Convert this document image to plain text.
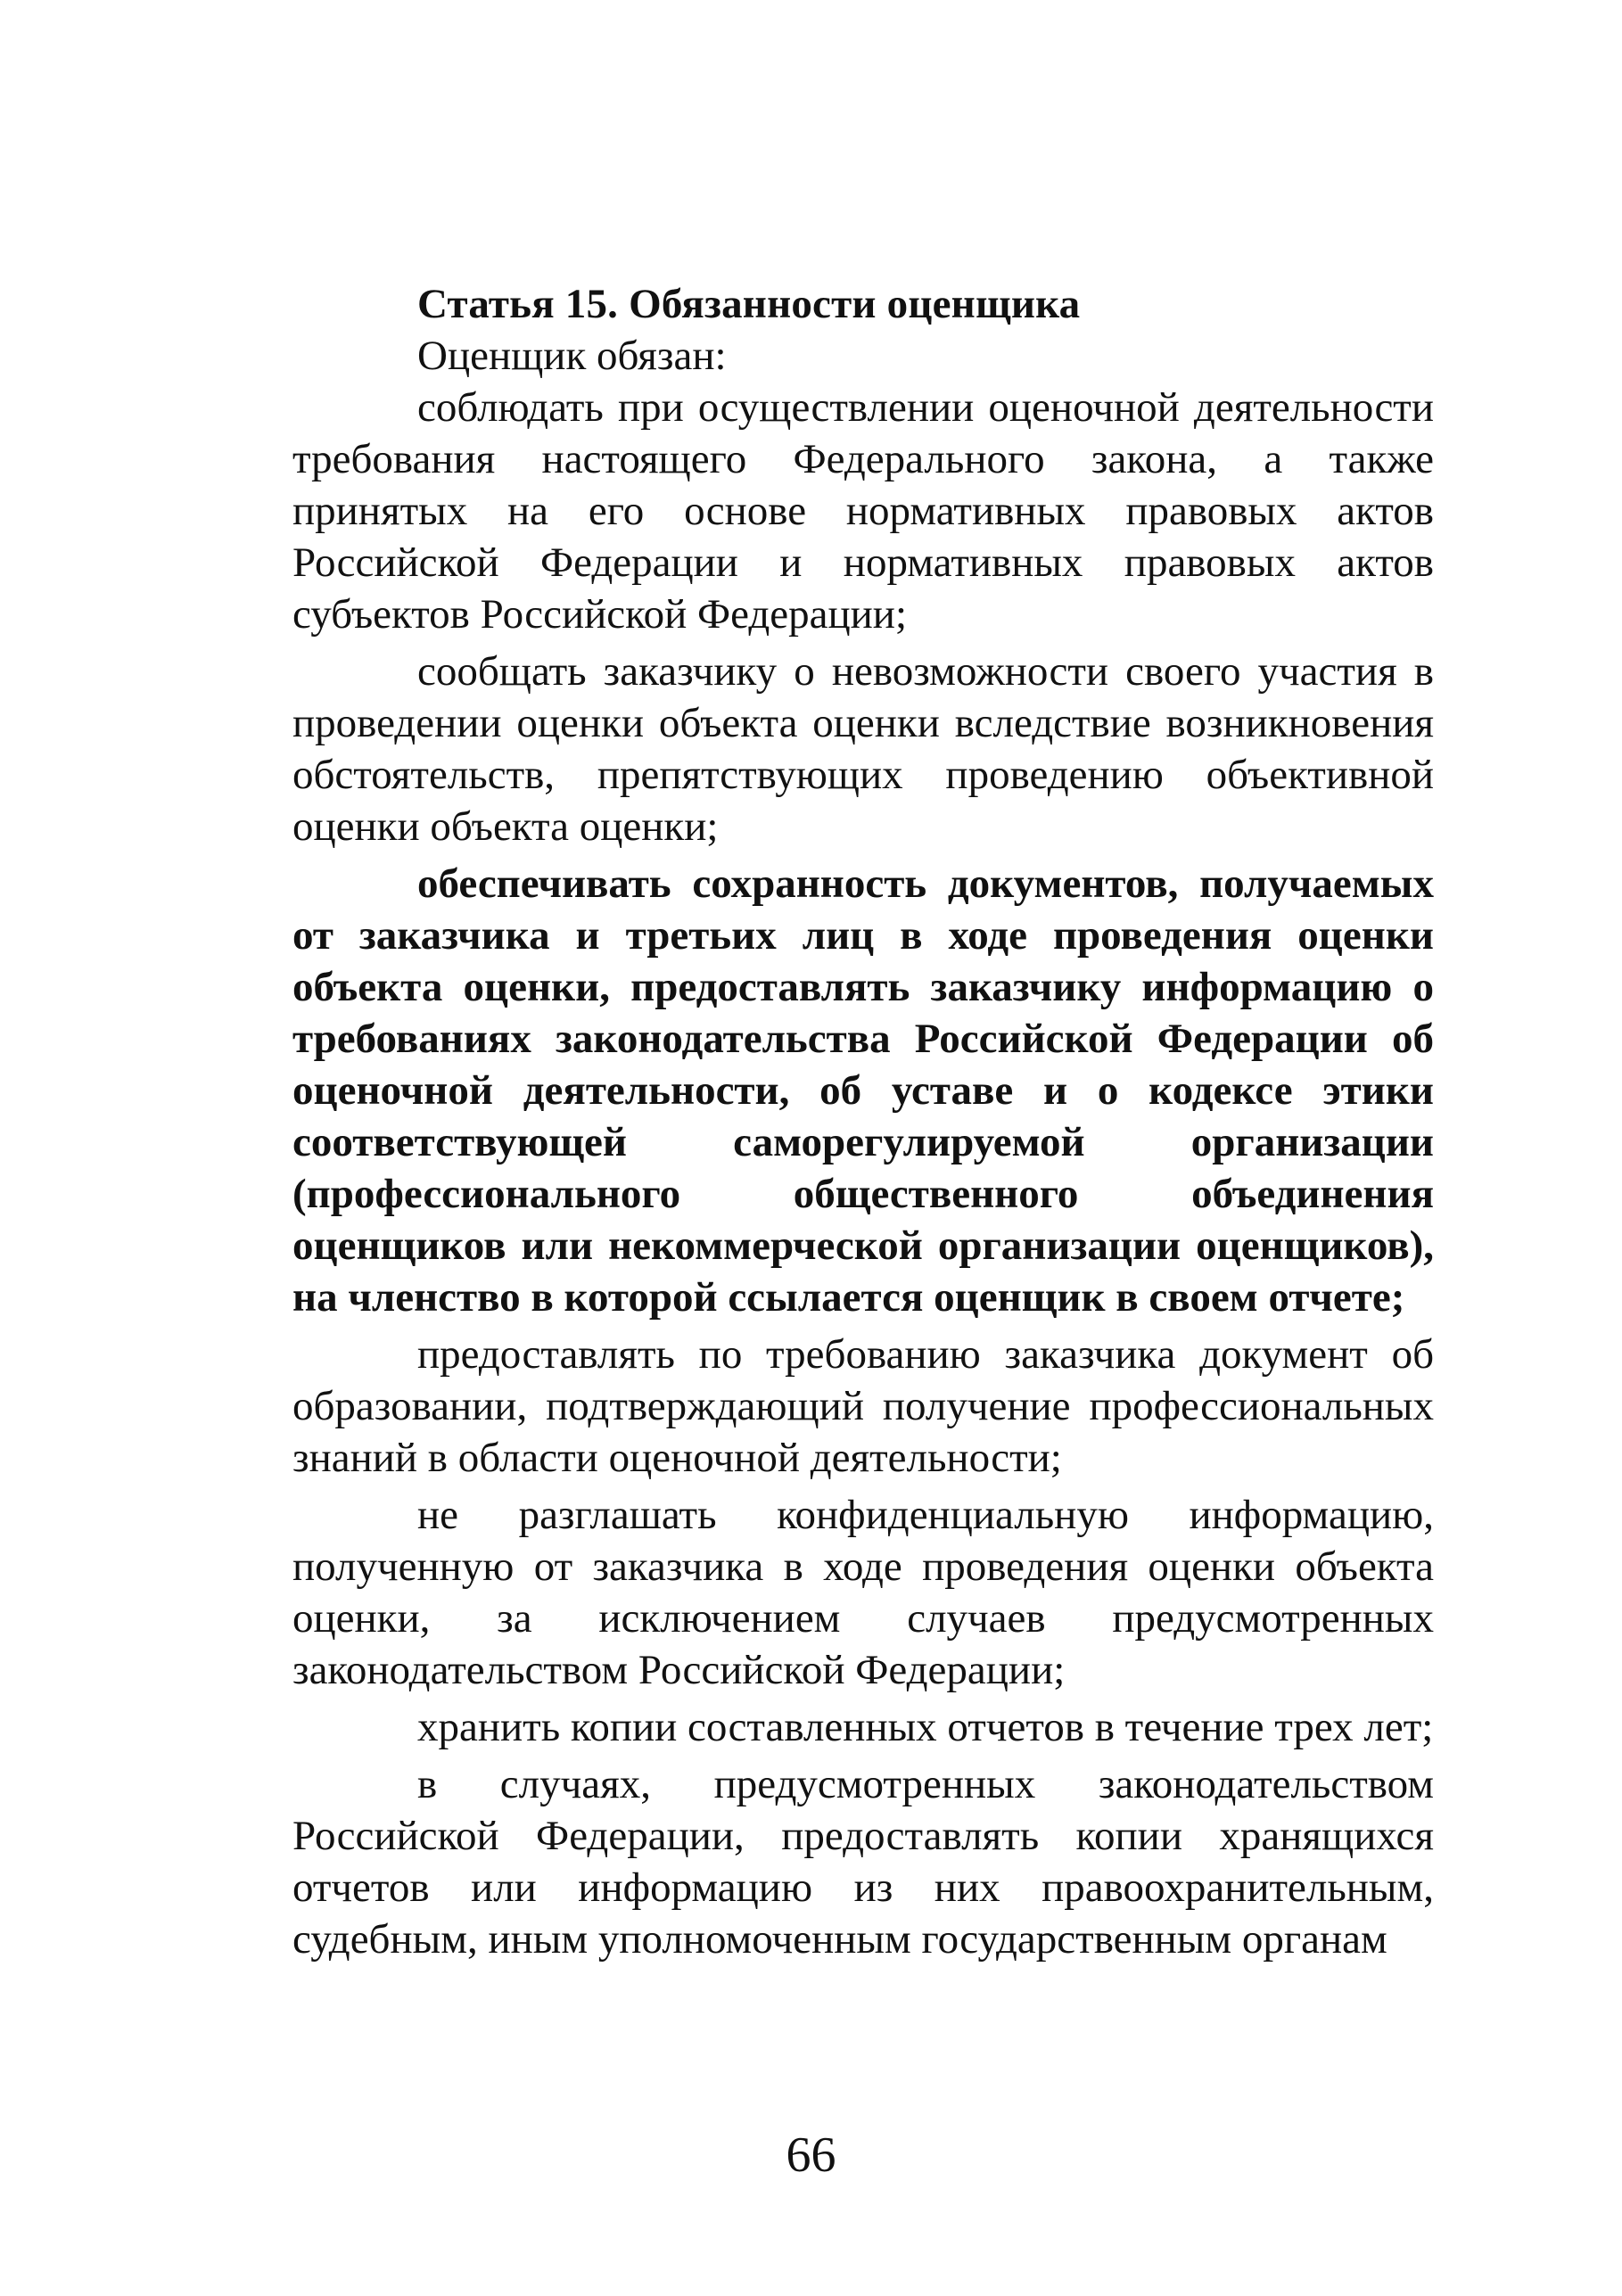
Статья 15. Обязанности оценщика

Оценщик обязан:

соблюдать при осуществлении оценочной деятельности требования настоящего Федерального закона, а также принятых на его основе нормативных правовых актов Российской Федерации и нормативных правовых актов субъектов Российской Федерации;

сообщать заказчику о невозможности своего участия в проведении оценки объекта оценки вследствие возникновения обстоятельств, препятствующих проведению объективной оценки объекта оценки;

обеспечивать сохранность документов, получаемых от заказчика и третьих лиц в ходе проведения оценки объекта оценки, предоставлять заказчику информацию о требованиях законодательства Российской Федерации об оценочной деятельности, об уставе и о кодексе этики соответствующей саморегулируемой организации (профессионального общественного объединения оценщиков или некоммерческой организации оценщиков), на членство в которой ссылается оценщик в своем отчете;

предоставлять по требованию заказчика документ об образовании, подтверждающий получение профессиональных знаний в области оценочной деятельности;

не разглашать конфиденциальную информацию, полученную от заказчика в ходе проведения оценки объекта оценки, за исключением случаев предусмотренных законодательством Российской Федерации;

хранить копии составленных отчетов в течение трех лет;

в случаях, предусмотренных законодательством Российской Федерации, предоставлять копии хранящихся отчетов или информацию из них правоохранительным, судебным, иным уполномоченным государственным органам

66
